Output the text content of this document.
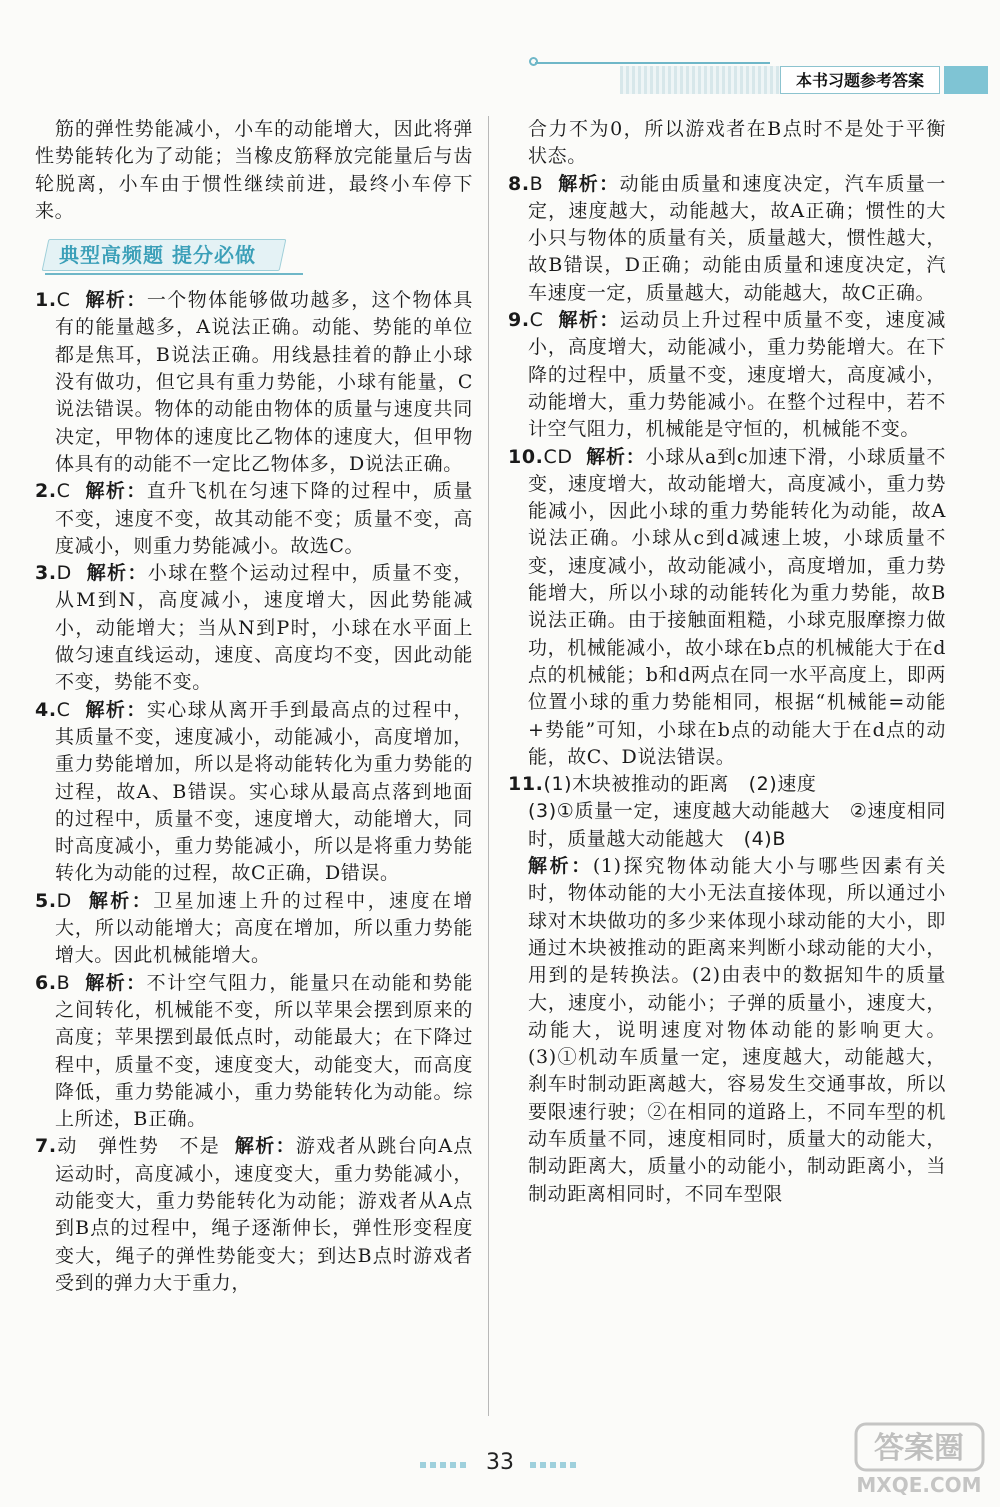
本书习题参考答案

筋的弹性势能减小，小车的动能增大，因此将弹性势能转化为了动能；当橡皮筋释放完能量后与齿轮脱离，小车由于惯性继续前进，最终小车停下来。

典型高频题 提分必做

1.C 解析：一个物体能够做功越多，这个物体具有的能量越多，A说法正确。动能、势能的单位都是焦耳，B说法正确。用线悬挂着的静止小球没有做功，但它具有重力势能，小球有能量，C说法错误。物体的动能由物体的质量与速度共同决定，甲物体的速度比乙物体的速度大，但甲物体具有的动能不一定比乙物体多，D说法正确。

2.C 解析：直升飞机在匀速下降的过程中，质量不变，速度不变，故其动能不变；质量不变，高度减小，则重力势能减小。故选C。

3.D 解析：小球在整个运动过程中，质量不变，从M到N，高度减小，速度增大，因此势能减小，动能增大；当从N到P时，小球在水平面上做匀速直线运动，速度、高度均不变，因此动能不变，势能不变。

4.C 解析：实心球从离开手到最高点的过程中，其质量不变，速度减小，动能减小，高度增加，重力势能增加，所以是将动能转化为重力势能的过程，故A、B错误。实心球从最高点落到地面的过程中，质量不变，速度增大，动能增大，同时高度减小，重力势能减小，所以是将重力势能转化为动能的过程，故C正确，D错误。

5.D 解析：卫星加速上升的过程中，速度在增大，所以动能增大；高度在增加，所以重力势能增大。因此机械能增大。

6.B 解析：不计空气阻力，能量只在动能和势能之间转化，机械能不变，所以苹果会摆到原来的高度；苹果摆到最低点时，动能最大；在下降过程中，质量不变，速度变大，动能变大，而高度降低，重力势能减小，重力势能转化为动能。综上所述，B正确。

7.动　弹性势　不是 解析：游戏者从跳台向A点运动时，高度减小，速度变大，重力势能减小，动能变大，重力势能转化为动能；游戏者从A点到B点的过程中，绳子逐渐伸长，弹性形变程度变大，绳子的弹性势能变大；到达B点时游戏者受到的弹力大于重力，

合力不为0，所以游戏者在B点时不是处于平衡状态。

8.B 解析：动能由质量和速度决定，汽车质量一定，速度越大，动能越大，故A正确；惯性的大小只与物体的质量有关，质量越大，惯性越大，故B错误，D正确；动能由质量和速度决定，汽车速度一定，质量越大，动能越大，故C正确。

9.C 解析：运动员上升过程中质量不变，速度减小，高度增大，动能减小，重力势能增大。在下降的过程中，质量不变，速度增大，高度减小，动能增大，重力势能减小。在整个过程中，若不计空气阻力，机械能是守恒的，机械能不变。

10.CD 解析：小球从a到c加速下滑，小球质量不变，速度增大，故动能增大，高度减小，重力势能减小，因此小球的重力势能转化为动能，故A说法正确。小球从c到d减速上坡，小球质量不变，速度减小，故动能减小，高度增加，重力势能增大，所以小球的动能转化为重力势能，故B说法正确。由于接触面粗糙，小球克服摩擦力做功，机械能减小，故小球在b点的机械能大于在d点的机械能；b和d两点在同一水平高度上，即两位置小球的重力势能相同，根据“机械能=动能+势能”可知，小球在b点的动能大于在d点的动能，故C、D说法错误。

11.(1)木块被推动的距离　(2)速度

(3)①质量一定，速度越大动能越大　②速度相同时，质量越大动能越大　(4)B

解析：(1)探究物体动能大小与哪些因素有关时，物体动能的大小无法直接体现，所以通过小球对木块做功的多少来体现小球动能的大小，即通过木块被推动的距离来判断小球动能的大小，用到的是转换法。(2)由表中的数据知牛的质量大，速度小，动能小；子弹的质量小，速度大，动能大，说明速度对物体动能的影响更大。(3)①机动车质量一定，速度越大，动能越大，刹车时制动距离越大，容易发生交通事故，所以要限速行驶；②在相同的道路上，不同车型的机动车质量不同，速度相同时，质量大的动能大，制动距离大，质量小的动能小，制动距离小，当制动距离相同时，不同车型限

33	答案圈
MXQE.COM
